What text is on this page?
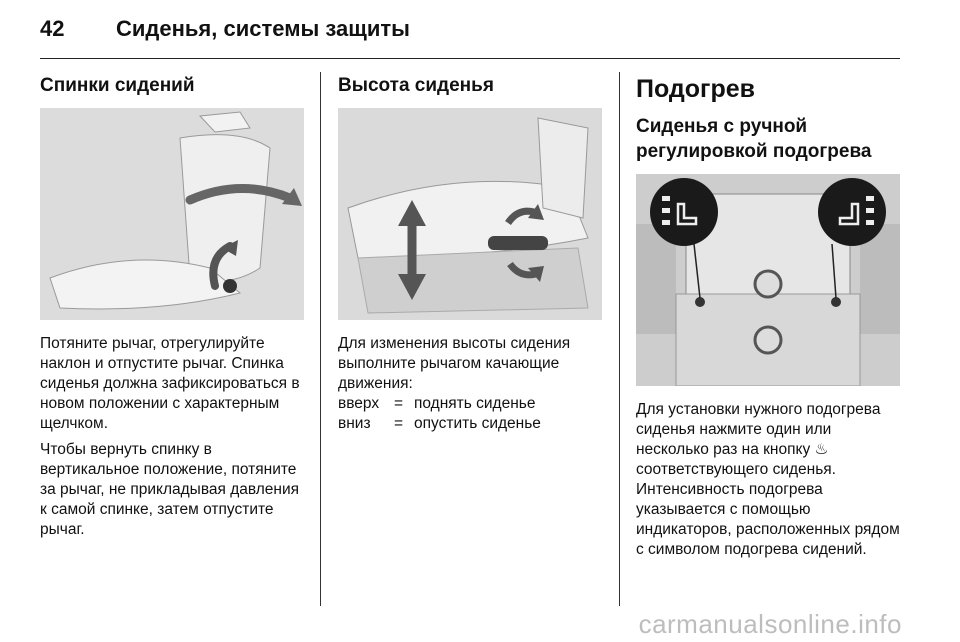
42	Сиденья, системы защиты
Спинки сидений
Потяните рычаг, отрегулируйте наклон и отпустите рычаг. Спинка сиденья должна зафиксироваться в новом положении с характерным щелчком.
Чтобы вернуть спинку в вертикальное положение, потяните за рычаг, не прикладывая давления к самой спинке, затем отпустите рычаг.
Высота сиденья
Для изменения высоты сидения выполните рычагом качающие движения:
вверх = поднять сиденье
вниз	= опустить сиденье
Подогрев
Сиденья с ручной регулировкой подогрева
Для установки нужного подогрева сиденья нажмите один или несколько раз на кнопку ♨ соответствующего сиденья. Интенсивность подогрева указывается с помощью индикаторов, расположенных рядом с символом подогрева сидений.
carmanualsonline.info
